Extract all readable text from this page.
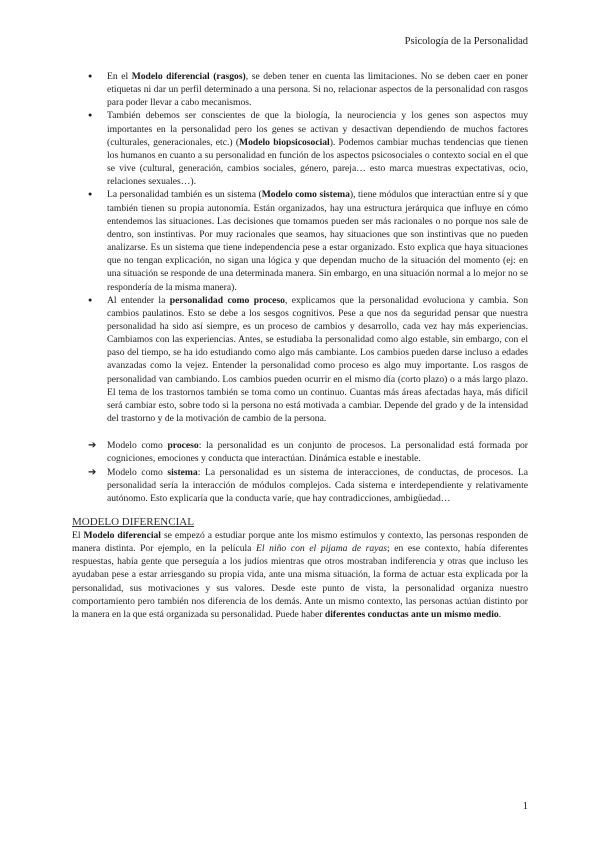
Psicología de la Personalidad
● En el Modelo diferencial (rasgos), se deben tener en cuenta las limitaciones. No se deben caer en poner etiquetas ni dar un perfil determinado a una persona. Si no, relacionar aspectos de la personalidad con rasgos para poder llevar a cabo mecanismos.
● También debemos ser conscientes de que la biología, la neurociencia y los genes son aspectos muy importantes en la personalidad pero los genes se activan y desactivan dependiendo de muchos factores (culturales, generacionales, etc.) (Modelo biopsicosocial). Podemos cambiar muchas tendencias que tienen los humanos en cuanto a su personalidad en función de los aspectos psicosociales o contexto social en el que se vive (cultural, generación, cambios sociales, género, pareja… esto marca muestras expectativas, ocio, relaciones sexuales…).
● La personalidad también es un sistema (Modelo como sistema), tiene módulos que interactúan entre sí y que también tienen su propia autonomía. Están organizados, hay una estructura jerárquica que influye en cómo entendemos las situaciones. Las decisiones que tomamos pueden ser más racionales o no porque nos sale de dentro, son instintivas. Por muy racionales que seamos, hay situaciones que son instintivas que no pueden analizarse. Es un sistema que tiene independencia pese a estar organizado. Esto explica que haya situaciones que no tengan explicación, no sigan una lógica y que dependan mucho de la situación del momento (ej: en una situación se responde de una determinada manera. Sin embargo, en una situación normal a lo mejor no se respondería de la misma manera).
● Al entender la personalidad como proceso, explicamos que la personalidad evoluciona y cambia. Son cambios paulatinos. Esto se debe a los sesgos cognitivos. Pese a que nos da seguridad pensar que nuestra personalidad ha sido así siempre, es un proceso de cambios y desarrollo, cada vez hay más experiencias. Cambiamos con las experiencias. Antes, se estudiaba la personalidad como algo estable, sin embargo, con el paso del tiempo, se ha ido estudiando como algo más cambiante. Los cambios pueden darse incluso a edades avanzadas como la vejez. Entender la personalidad como proceso es algo muy importante. Los rasgos de personalidad van cambiando. Los cambios pueden ocurrir en el mismo día (corto plazo) o a más largo plazo. El tema de los trastornos también se toma como un continuo. Cuantas más áreas afectadas haya, más difícil será cambiar esto, sobre todo si la persona no está motivada a cambiar. Depende del grado y de la intensidad del trastorno y de la motivación de cambio de la persona.
➔ Modelo como proceso: la personalidad es un conjunto de procesos. La personalidad está formada por cogniciones, emociones y conducta que interactúan. Dinámica estable e inestable.
➔ Modelo como sistema: La personalidad es un sistema de interacciones, de conductas, de procesos. La personalidad sería la interacción de módulos complejos. Cada sistema e interdependiente y relativamente autónomo. Esto explicaría que la conducta varíe, que hay contradicciones, ambigüedad…
MODELO DIFERENCIAL

El Modelo diferencial se empezó a estudiar porque ante los mismo estímulos y contexto, las personas responden de manera distinta. Por ejemplo, en la película El niño con el pijama de rayas; en ese contexto, había diferentes respuestas, había gente que perseguía a los judíos mientras que otros mostraban indiferencia y otras que incluso les ayudaban pese a estar arriesgando su propia vida, ante una misma situación, la forma de actuar esta explicada por la personalidad, sus motivaciones y sus valores. Desde este punto de vista, la personalidad organiza nuestro comportamiento pero también nos diferencia de los demás. Ante un mismo contexto, las personas actúan distinto por la manera en la que está organizada su personalidad. Puede haber diferentes conductas ante un mismo medio.

1
